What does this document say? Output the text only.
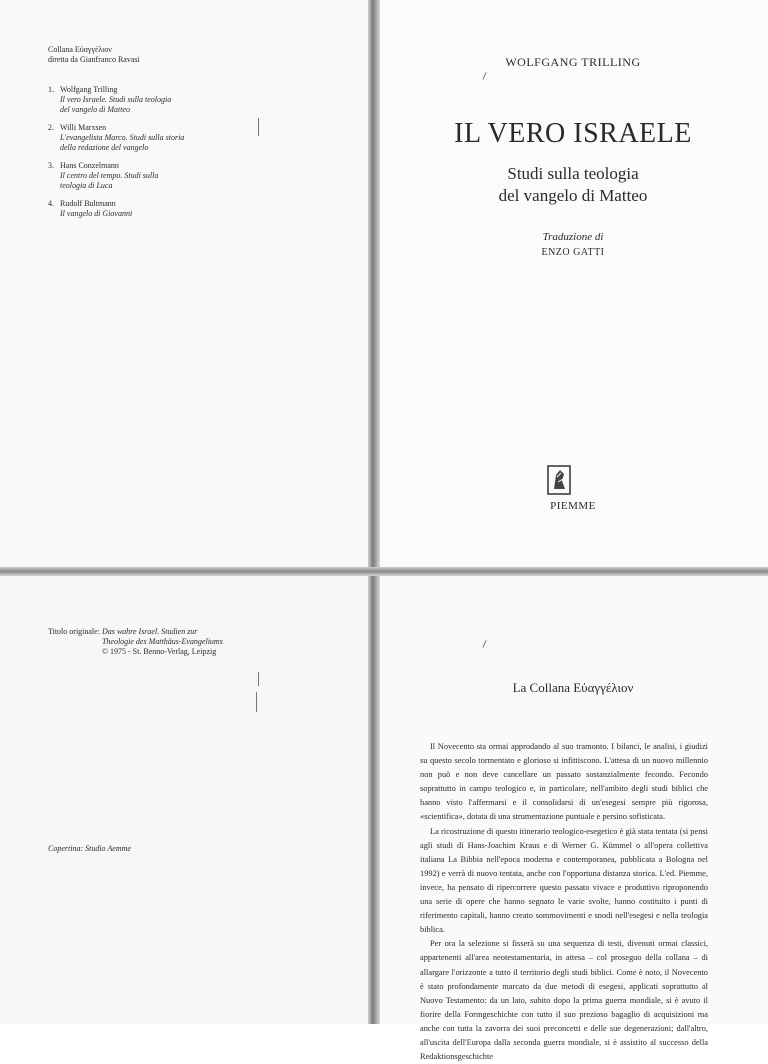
Collana Εὐαγγέλιον
diretta da Gianfranco Ravasi
1. Wolfgang Trilling
Il vero Israele. Studi sulla teologia
del vangelo di Matteo
2. Willi Marxsen
L'evangelista Marco. Studi sulla storia
della redazione del vangelo
3. Hans Conzelmann
Il centro del tempo. Studi sulla
teologia di Luca
4. Rudolf Bultmann
Il vangelo di Giovanni
WOLFGANG TRILLING
IL VERO ISRAELE
Studi sulla teologia
del vangelo di Matteo
Traduzione di
ENZO GATTI
PIEMME
Titolo originale: Das wahre Israel. Studien zur
Theologie des Matthäus-Evangeliums
© 1975 - St. Benno-Verlag, Leipzig
Copertina: Studio Aemme
La Collana Εὐαγγέλιον

Il Novecento sta ormai approdando al suo tramonto. I bilanci, le analisi, i giudizi su questo secolo tormentato e glorioso si infittiscono. L'attesa di un nuovo millennio non può e non deve cancellare un passato sostanzialmente fecondo. Fecondo soprattutto in campo teologico e, in particolare, nell'ambito degli studi biblici che hanno visto l'affermarsi e il consolidarsi di un'esegesi sempre più rigorosa, «scientifica», dotata di una strumentazione puntuale e persino sofisticata.

La ricostruzione di questo itinerario teologico-esegetico è già stata tentata (si pensi agli studi di Hans-Joachim Kraus e di Werner G. Kümmel o all'opera collettiva italiana La Bibbia nell'epoca moderna e contemporanea, pubblicata a Bologna nel 1992) e verrà di nuovo tentata, anche con l'opportuna distanza storica. L'ed. Piemme, invece, ha pensato di ripercorrere questo passato vivace e produttivo riproponendo una serie di opere che hanno segnato le varie svolte, hanno costituito i punti di riferimento capitali, hanno creato sommovimenti e snodi nell'esegesi e nella teologia biblica.

Per ora la selezione si fisserà su una sequenza di testi, divenuti ormai classici, appartenenti all'area neotestamentaria, in attesa – col proseguo della collana – di allargare l'orizzonte a tutto il territorio degli studi biblici. Come è noto, il Novecento è stato profondamente marcato da due metodi di esegesi, applicati soprattutto al Nuovo Testamento: da un lato, subito dopo la prima guerra mondiale, si è avuto il fiorire della Formgeschichte con tutto il suo prezioso bagaglio di acquisizioni ma anche con tutta la zavorra dei suoi preconcetti e delle sue degenerazioni; dall'altro, all'uscita dell'Europa dalla seconda guerra mondiale, si è assistito al successo della Redaktionsgeschichte
